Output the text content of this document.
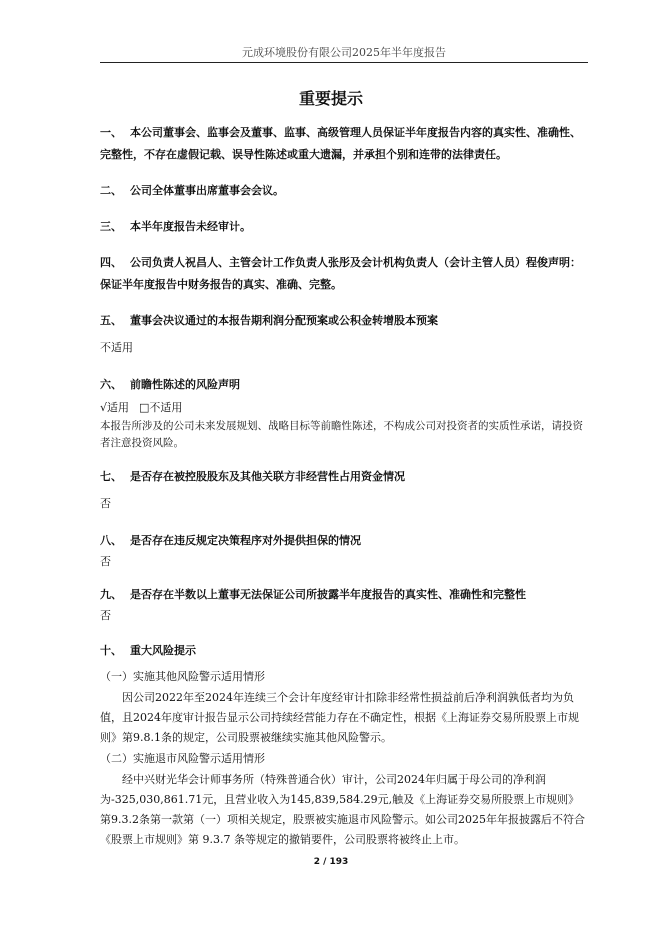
元成环境股份有限公司2025年半年度报告
重要提示

一、 本公司董事会、监事会及董事、监事、高级管理人员保证半年度报告内容的真实性、准确性、完整性，不存在虚假记载、误导性陈述或重大遗漏，并承担个别和连带的法律责任。

二、 公司全体董事出席董事会会议。

三、 本半年度报告未经审计。

四、 公司负责人祝昌人、主管会计工作负责人张彤及会计机构负责人（会计主管人员）程俊声明：保证半年度报告中财务报告的真实、准确、完整。

五、 董事会决议通过的本报告期利润分配预案或公积金转增股本预案

不适用

六、 前瞻性陈述的风险声明

√适用 □不适用

本报告所涉及的公司未来发展规划、战略目标等前瞻性陈述，不构成公司对投资者的实质性承诺，请投资者注意投资风险。

七、 是否存在被控股股东及其他关联方非经营性占用资金情况

否

八、 是否存在违反规定决策程序对外提供担保的情况

否

九、 是否存在半数以上董事无法保证公司所披露半年度报告的真实性、准确性和完整性

否

十、 重大风险提示

（一）实施其他风险警示适用情形

因公司2022年至2024年连续三个会计年度经审计扣除非经常性损益前后净利润孰低者均为负值，且2024年度审计报告显示公司持续经营能力存在不确定性，根据《上海证券交易所股票上市规则》第9.8.1条的规定，公司股票被继续实施其他风险警示。

（二）实施退市风险警示适用情形

经中兴财光华会计师事务所（特殊普通合伙）审计，公司2024年归属于母公司的净利润为-325,030,861.71元，且营业收入为145,839,584.29元,触及《上海证券交易所股票上市规则》第9.3.2条第一款第（一）项相关规定，股票被实施退市风险警示。如公司2025年年报披露后不符合《股票上市规则》第 9.3.7 条等规定的撤销要件，公司股票将被终止上市。

2 / 193
